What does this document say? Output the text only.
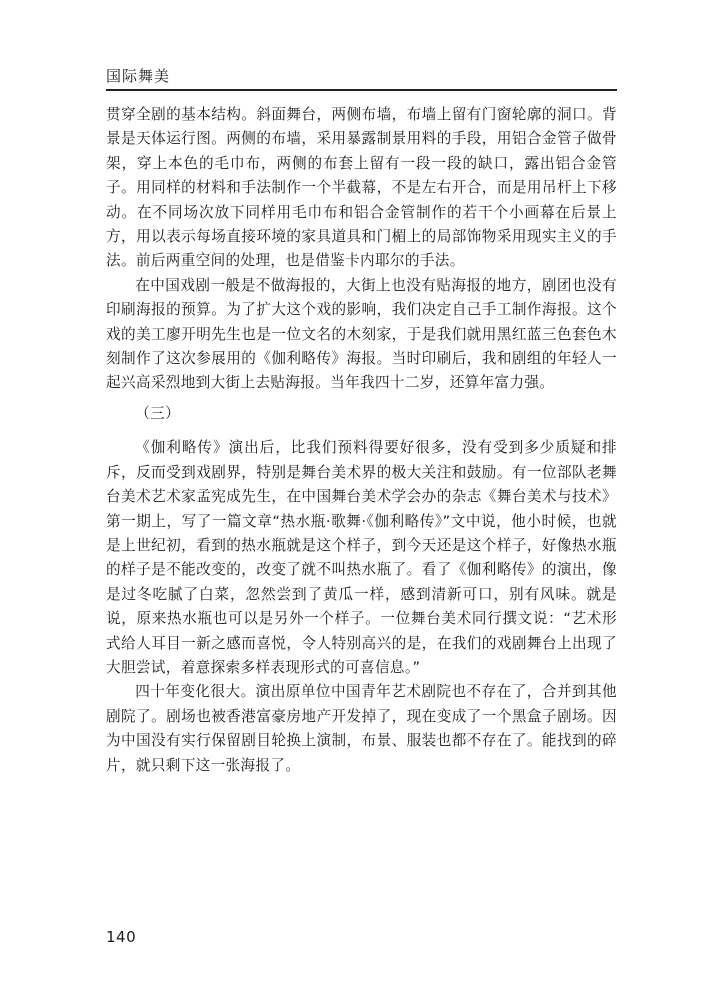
国际舞美

贯穿全剧的基本结构。斜面舞台，两侧布墙，布墙上留有门窗轮廓的洞口。背景是天体运行图。两侧的布墙，采用暴露制景用料的手段，用铝合金管子做骨架，穿上本色的毛巾布，两侧的布套上留有一段一段的缺口，露出铝合金管子。用同样的材料和手法制作一个半截幕，不是左右开合，而是用吊杆上下移动。在不同场次放下同样用毛巾布和铝合金管制作的若干个小画幕在后景上方，用以表示每场直接环境的家具道具和门楣上的局部饰物采用现实主义的手法。前后两重空间的处理，也是借鉴卡内耶尔的手法。

在中国戏剧一般是不做海报的，大街上也没有贴海报的地方，剧团也没有印刷海报的预算。为了扩大这个戏的影响，我们决定自己手工制作海报。这个戏的美工廖开明先生也是一位文名的木刻家，于是我们就用黑红蓝三色套色木刻制作了这次参展用的《伽利略传》海报。当时印刷后，我和剧组的年轻人一起兴高采烈地到大街上去贴海报。当年我四十二岁，还算年富力强。

（三）

《伽利略传》演出后，比我们预料得要好很多，没有受到多少质疑和排斥，反而受到戏剧界，特别是舞台美术界的极大关注和鼓励。有一位部队老舞台美术艺术家孟宪成先生，在中国舞台美术学会办的杂志《舞台美术与技术》第一期上，写了一篇文章“热水瓶·歌舞·《伽利略传》”文中说，他小时候，也就是上世纪初，看到的热水瓶就是这个样子，到今天还是这个样子，好像热水瓶的样子是不能改变的，改变了就不叫热水瓶了。看了《伽利略传》的演出，像是过冬吃腻了白菜，忽然尝到了黄瓜一样，感到清新可口，别有风味。就是说，原来热水瓶也可以是另外一个样子。一位舞台美术同行撰文说：“艺术形式给人耳目一新之感而喜悦，令人特别高兴的是，在我们的戏剧舞台上出现了大胆尝试，着意探索多样表现形式的可喜信息。”

四十年变化很大。演出原单位中国青年艺术剧院也不存在了，合并到其他剧院了。剧场也被香港富豪房地产开发掉了，现在变成了一个黑盒子剧场。因为中国没有实行保留剧目轮换上演制，布景、服装也都不存在了。能找到的碎片，就只剩下这一张海报了。

140
